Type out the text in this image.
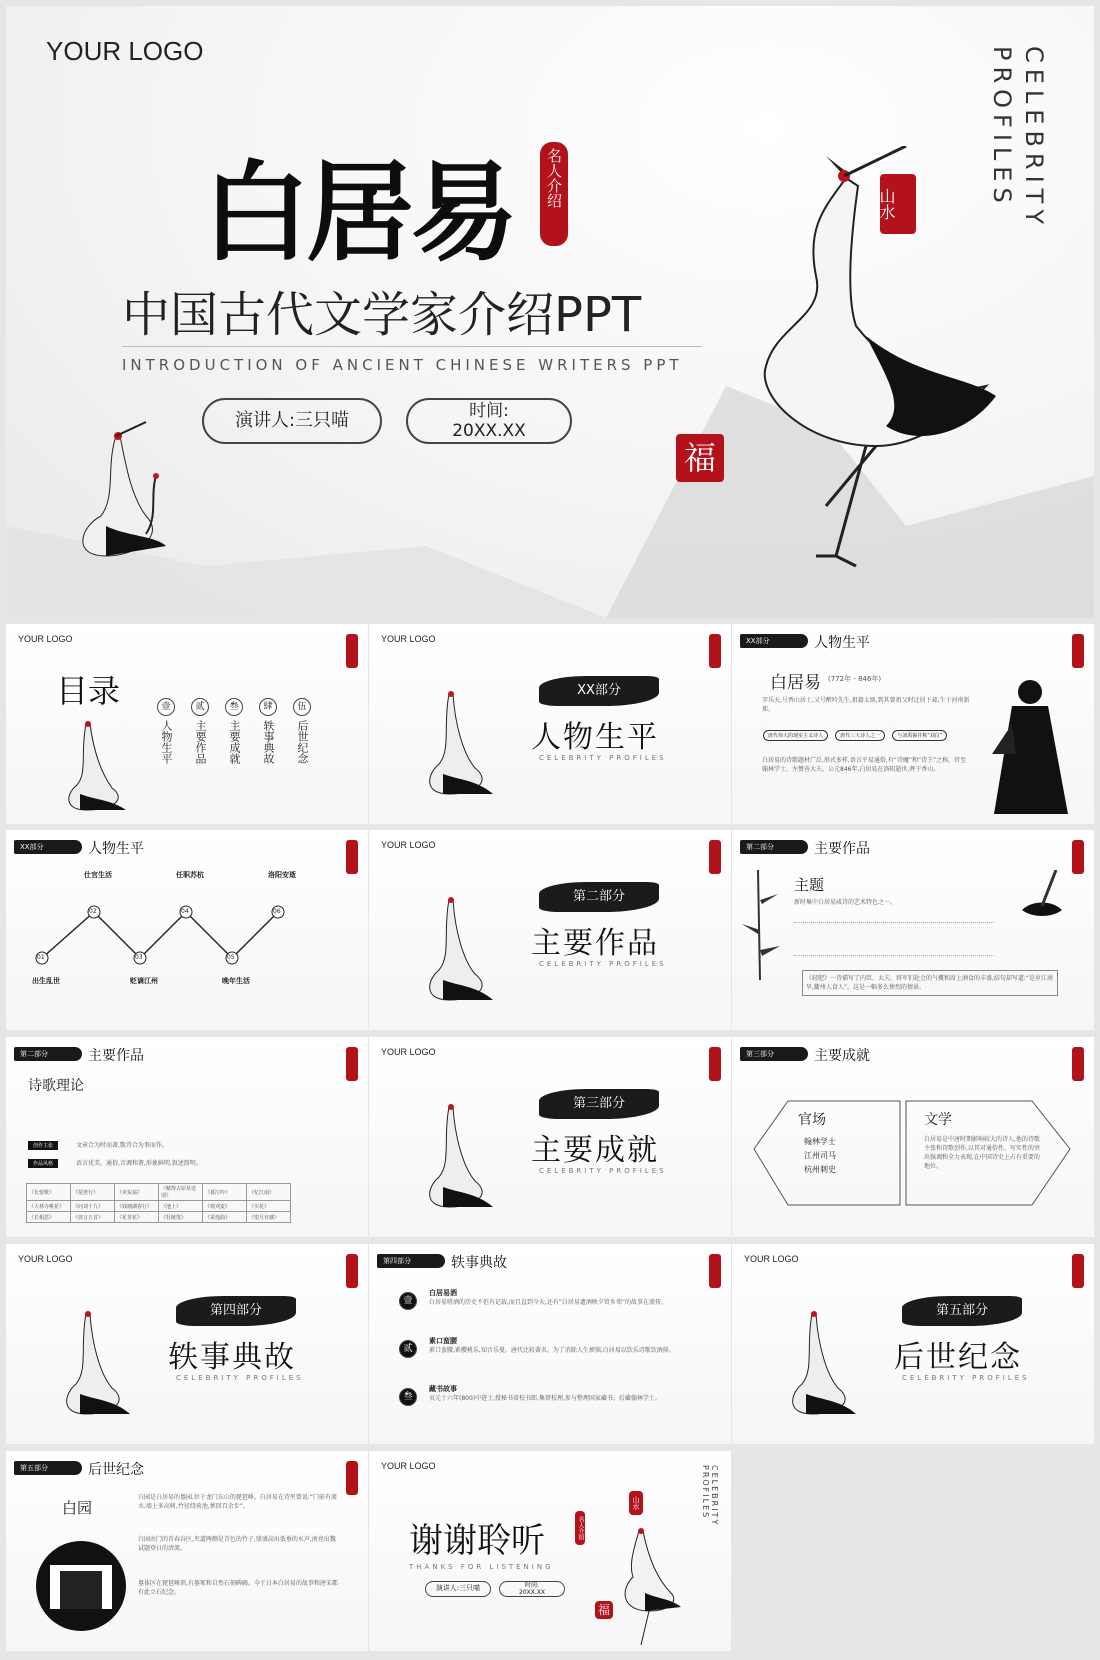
YOUR LOGO	CELEBRITY PROFILES
白居易	名人介绍
中国古代文学家介绍PPT
INTRODUCTION OF ANCIENT CHINESE WRITERS PPT
演讲人:三只喵	时间:
20XX.XX
山水
福
YOUR LOGO
目录	壹
人物生平
贰
主要作品
叁
主要成就
肆
轶事典故
伍
后世纪念
YOUR LOGO
XX部分
人物生平
CELEBRITY PROFILES
XX部分	人物生平
白居易 (772年 - 846年)
字乐天,号香山居士,又号醉吟先生,祖籍太原,到其曾祖父时迁居下邽,生于河南新郑。
唐代伟大的现实主义诗人	唐代三大诗人之一	与刘禹锡并称“刘白”
白居易的诗歌题材广泛,形式多样,语言平易通俗,有“诗魔”和“诗王”之称。官至翰林学士、左赞善大夫。公元846年,白居易在洛阳逝世,葬于香山。
XX部分	人物生平
01
02
03
04
05
06
仕官生活	任职苏杭	洛阳安逝
出生乱世	贬谪江州	晚年生活
YOUR LOGO
第二部分
主要作品
CELEBRITY PROFILES
第二部分	主要作品
主题
新时集中白居易咸诗的艺术特色之一。
《轻肥》一诗描写了内臣、大夫、将军们赴会的气概和席上酒食的丰盛,结句却写道:“是岁江南旱,衢州人食人”。这是一幅多么惨烈的情景。
第二部分	主要作品
诗歌理论
创作主张	文章合为时而著,歌诗合为事而作。
作品风格	语言优美、通俗,音调和谐,形象鲜明,叙述简明。
《长恨歌》	《琵琶行》	《卖炭翁》	《赋得古原草送别》	《暮江吟》	《忆江南》
《大林寺桃花》	《问刘十九》	《钱塘湖春行》	《池上》	《观刈麦》	《买花》
《长相思》	《放言五首》	《花非花》	《杜陵叟》	《采莲曲》	《望月有感》
YOUR LOGO
第三部分
主要成就
CELEBRITY PROFILES
第三部分	主要成就
官场
翰林学士
江州司马
杭州刺史
文学
白居易是中唐时期影响较大的诗人,他的诗歌主张和诗歌创作,以其对通俗性、写实性的突出强调和全力表现,在中国诗史上占有重要的地位。
YOUR LOGO
第四部分
轶事典故
CELEBRITY PROFILES
第四部分	轶事典故
壹
白居易酒
白居易嗜酒的历史不但有记载,而且直到今天,还有“白居易遗酒映夕贸乡邻”的故事在流传。
贰
素口蛮腰
素口蛮腰,素樱桃乐,知音乐曼。唐代比较著名。为了消除人生烦恼,白居易以饮乐诗歌饮酒排。
叁
藏书故事
贞元十六年(800)中进士,授秘书省校书郎,集贤校理,参与整理国家藏书。后藏翰林学士。
YOUR LOGO
第五部分
后世纪念
CELEBRITY PROFILES
第五部分	后世纪念
白园
白园是白居易的墓园,位于龙门东山的琵琶峰。白居易在诗里曾说:“门前有流水,墙上多高树,竹径绕荷池,萦回百余步”。
白园由门的首春谷区,夹道两侧是青色的竹子,鼎盛高出低垂的水声,南亮出魏试题登日的清流。
墓体区在琵琶峰顶,有墓冢和自然石刻碑碣。今于日本白居易的故事和唐宋都有此立石纪念。
YOUR LOGO
谢谢聆听	名人介绍
THANKS FOR LISTENING
演讲人:三只喵	时间:
20XX.XX
山水
福
CELEBRITY PROFILES
